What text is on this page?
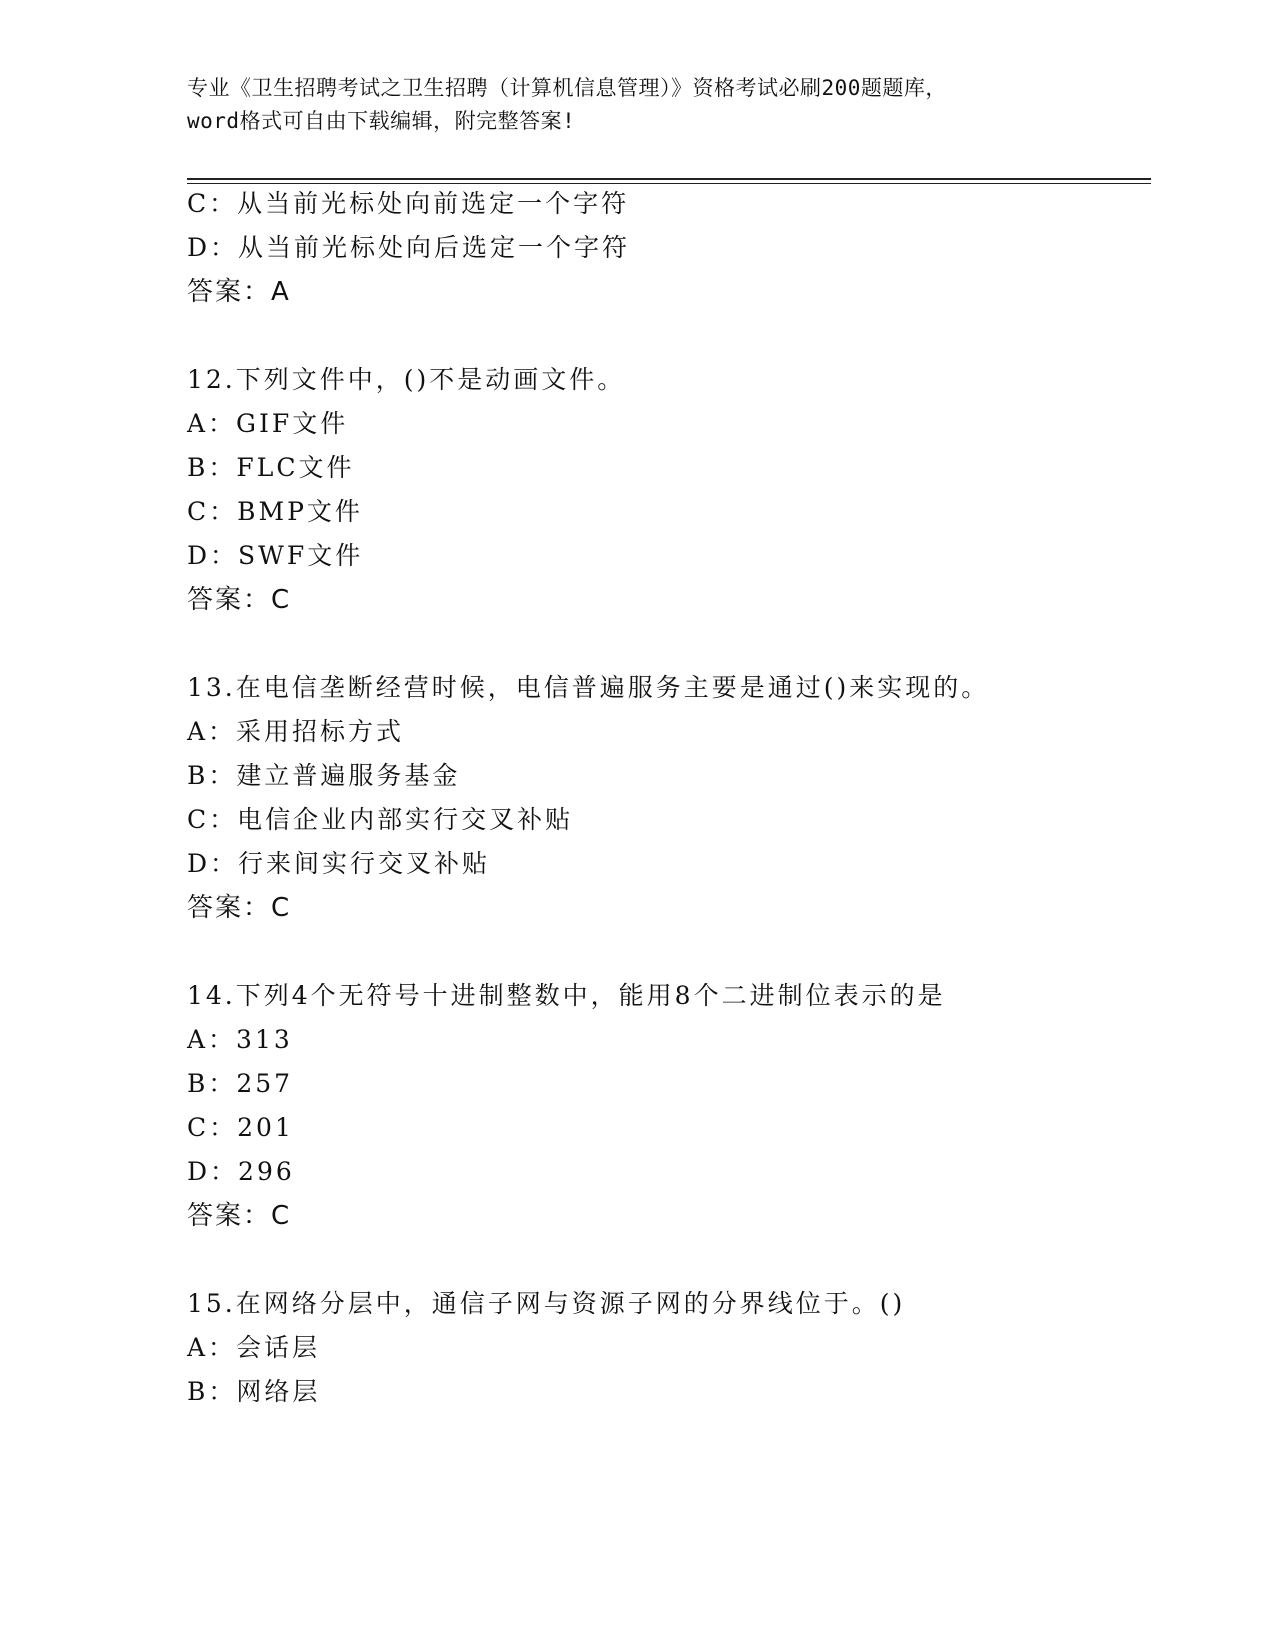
专业《卫生招聘考试之卫生招聘（计算机信息管理）》资格考试必刷200题题库，
word格式可自由下载编辑，附完整答案!
C：从当前光标处向前选定一个字符
D：从当前光标处向后选定一个字符
答案：A
12.下列文件中，()不是动画文件。
A：GIF文件
B：FLC文件
C：BMP文件
D：SWF文件
答案：C
13.在电信垄断经营时候，电信普遍服务主要是通过()来实现的。
A：采用招标方式
B：建立普遍服务基金
C：电信企业内部实行交叉补贴
D：行来间实行交叉补贴
答案：C
14.下列4个无符号十进制整数中，能用8个二进制位表示的是
A：313
B：257
C：201
D：296
答案：C
15.在网络分层中，通信子网与资源子网的分界线位于。()
A：会话层
B：网络层
